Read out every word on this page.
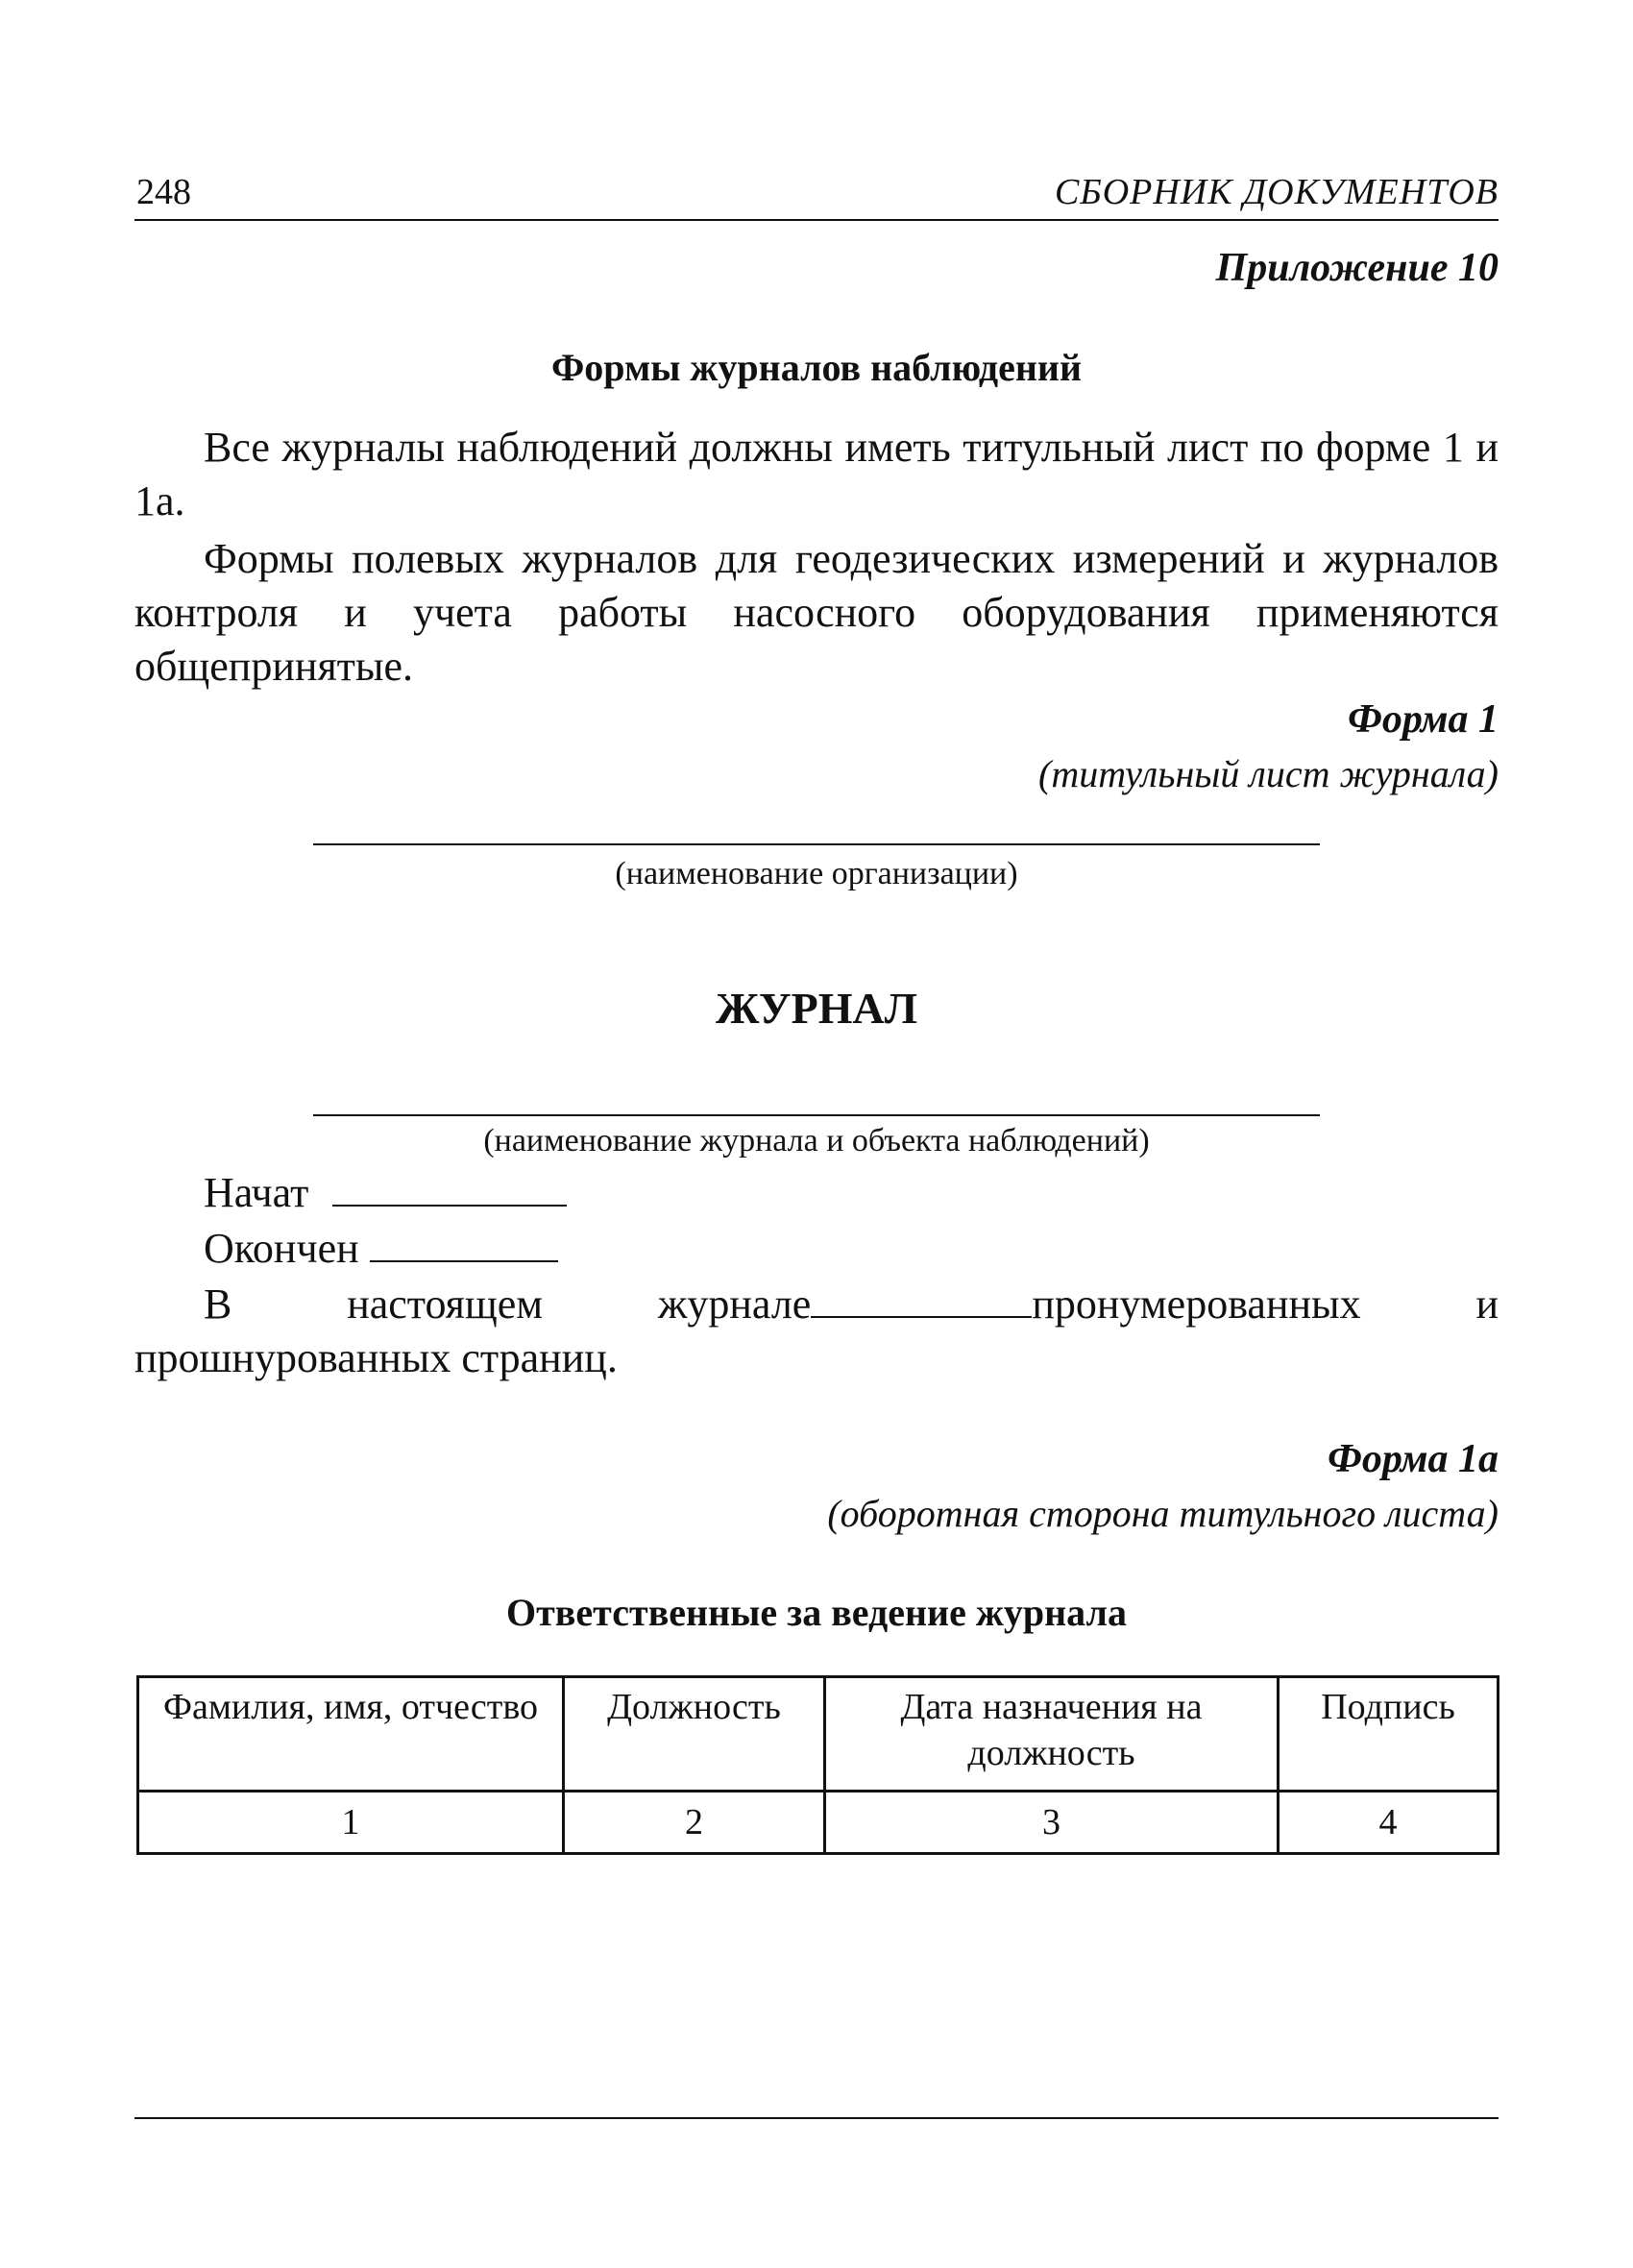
248	СБОРНИК ДОКУМЕНТОВ
Приложение 10
Формы журналов наблюдений

Все журналы наблюдений должны иметь титульный лист по форме 1 и 1а.

Формы полевых журналов для геодезических измерений и журналов контроля и учета работы насосного оборудования применяются общепринятые.

Форма 1
(титульный лист журнала)
(наименование организации)
ЖУРНАЛ
(наименование журнала и объекта наблюдений)
Начат
Окончен

В настоящем журнале	пронумерованных и прошнурованных страниц.

Форма 1а
(оборотная сторона титульного листа)
Ответственные за ведение журнала
Фамилия, имя, отчество	Должность	Дата назначения на должность	Подпись
1	2	3	4
